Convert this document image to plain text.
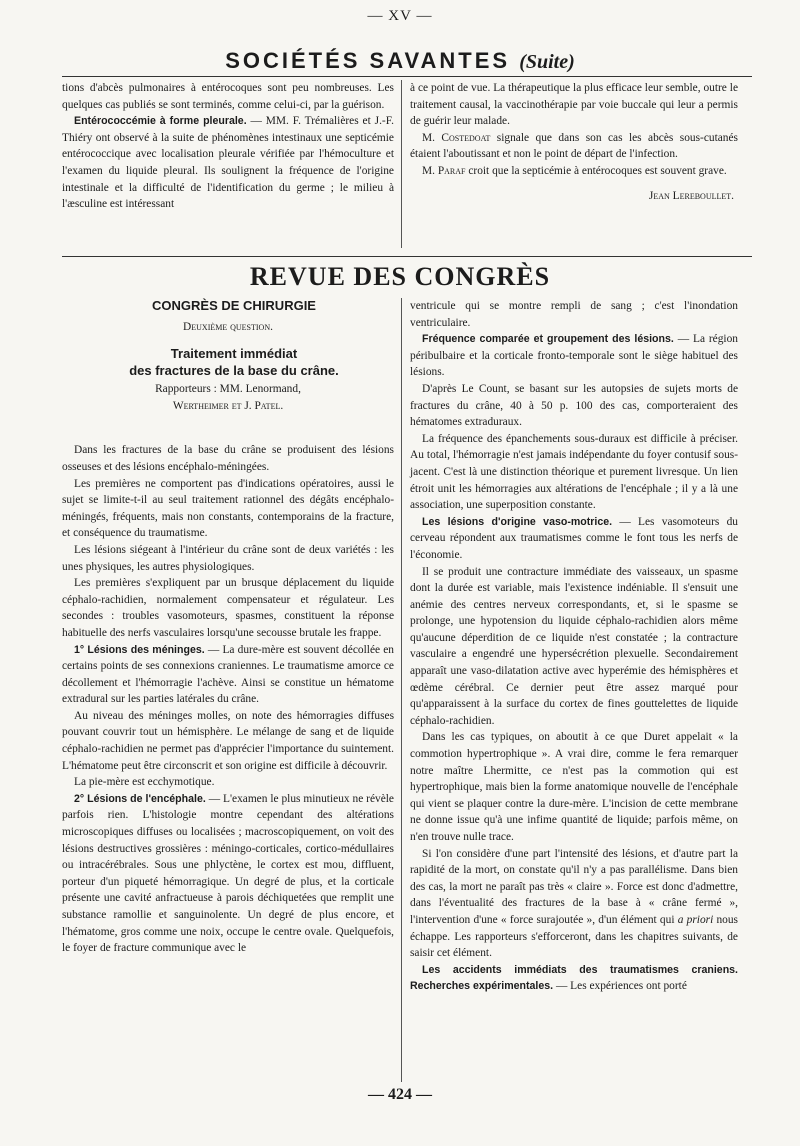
— XV —
SOCIÉTÉS SAVANTES (Suite)

tions d'abcès pulmonaires à entérocoques sont peu nombreuses. Les quelques cas publiés se sont terminés, comme celui-ci, par la guérison.

Entérococcémie à forme pleurale. — MM. F. Trémalières et J.-F. Thiéry ont observé à la suite de phénomènes intestinaux une septicémie entérococcique avec localisation pleurale vérifiée par l'hémoculture et l'examen du liquide pleural. Ils soulignent la fréquence de l'origine intestinale et la difficulté de l'identification du germe ; le milieu à l'æsculine est intéressant

à ce point de vue. La thérapeutique la plus efficace leur semble, outre le traitement causal, la vaccinothérapie par voie buccale qui leur a permis de guérir leur malade.

M. Costedoat signale que dans son cas les abcès sous-cutanés étaient l'aboutissant et non le point de départ de l'infection.

M. Paraf croit que la septicémie à entérocoques est souvent grave.

Jean Lereboullet.

REVUE DES CONGRÈS

CONGRÈS DE CHIRURGIE

Deuxième question.

Traitement immédiat

des fractures de la base du crâne.

Rapporteurs : MM. Lenormand,

Wertheimer et J. Patel.

Dans les fractures de la base du crâne se produisent des lésions osseuses et des lésions encéphalo-méningées.

Les premières ne comportent pas d'indications opératoires, aussi le sujet se limite-t-il au seul traitement rationnel des dégâts encéphalo-méningés, fréquents, mais non constants, contemporains de la fracture, et conséquence du traumatisme.

Les lésions siégeant à l'intérieur du crâne sont de deux variétés : les unes physiques, les autres physiologiques.

Les premières s'expliquent par un brusque déplacement du liquide céphalo-rachidien, normalement compensateur et régulateur. Les secondes : troubles vasomoteurs, spasmes, constituent la réponse habituelle des nerfs vasculaires lorsqu'une secousse brutale les frappe.

1° Lésions des méninges. — La dure-mère est souvent décollée en certains points de ses connexions craniennes. Le traumatisme amorce ce décollement et l'hémorragie l'achève. Ainsi se constitue un hématome extradural sur les parties latérales du crâne.

Au niveau des méninges molles, on note des hémorragies diffuses pouvant couvrir tout un hémisphère. Le mélange de sang et de liquide céphalo-rachidien ne permet pas d'apprécier l'importance du suintement. L'hématome peut être circonscrit et son origine est difficile à découvrir.

La pie-mère est ecchymotique.

2° Lésions de l'encéphale. — L'examen le plus minutieux ne révèle parfois rien. L'histologie montre cependant des altérations microscopiques diffuses ou localisées ; macroscopiquement, on voit des lésions destructives grossières : méningo-corticales, cortico-médullaires ou intracérébrales. Sous une phlyctène, le cortex est mou, diffluent, porteur d'un piqueté hémorragique. Un degré de plus, et la corticale présente une cavité anfractueuse à parois déchiquetées que remplit une substance ramollie et sanguinolente. Un degré de plus encore, et l'hématome, gros comme une noix, occupe le centre ovale. Quelquefois, le foyer de fracture communique avec le

ventricule qui se montre rempli de sang ; c'est l'inondation ventriculaire.

Fréquence comparée et groupement des lésions. — La région péribulbaire et la corticale fronto-temporale sont le siège habituel des lésions.

D'après Le Count, se basant sur les autopsies de sujets morts de fractures du crâne, 40 à 50 p. 100 des cas, comporteraient des hématomes extraduraux.

La fréquence des épanchements sous-duraux est difficile à préciser. Au total, l'hémorragie n'est jamais indépendante du foyer contusif sous-jacent. C'est là une distinction théorique et purement livresque. Un lien étroit unit les hémorragies aux altérations de l'encéphale ; il y a là une association, une superposition constante.

Les lésions d'origine vaso-motrice. — Les vasomoteurs du cerveau répondent aux traumatismes comme le font tous les nerfs de l'économie.

Il se produit une contracture immédiate des vaisseaux, un spasme dont la durée est variable, mais l'existence indéniable. Il s'ensuit une anémie des centres nerveux correspondants, et, si le spasme se prolonge, une hypotension du liquide céphalo-rachidien alors même qu'aucune déperdition de ce liquide n'est constatée ; la contracture vasculaire a engendré une hypersécrétion plexuelle. Secondairement apparaît une vaso-dilatation active avec hyperémie des hémisphères et œdème cérébral. Ce dernier peut être assez marqué pour qu'apparaissent à la surface du cortex de fines gouttelettes de liquide céphalo-rachidien.

Dans les cas typiques, on aboutit à ce que Duret appelait « la commotion hypertrophique ». A vrai dire, comme le fera remarquer notre maître Lhermitte, ce n'est pas la commotion qui est hypertrophique, mais bien la forme anatomique nouvelle de l'encéphale qui vient se plaquer contre la dure-mère. L'incision de cette membrane ne donne issue qu'à une infime quantité de liquide; parfois même, on n'en trouve nulle trace.

Si l'on considère d'une part l'intensité des lésions, et d'autre part la rapidité de la mort, on constate qu'il n'y a pas parallélisme. Dans bien des cas, la mort ne paraît pas très « claire ». Force est donc d'admettre, dans l'éventualité des fractures de la base à « crâne fermé », l'intervention d'une « force surajoutée », d'un élément qui a priori nous échappe. Les rapporteurs s'efforceront, dans les chapitres suivants, de saisir cet élément.

Les accidents immédiats des traumatismes craniens. Recherches expérimentales. — Les expériences ont porté

— 424 —
